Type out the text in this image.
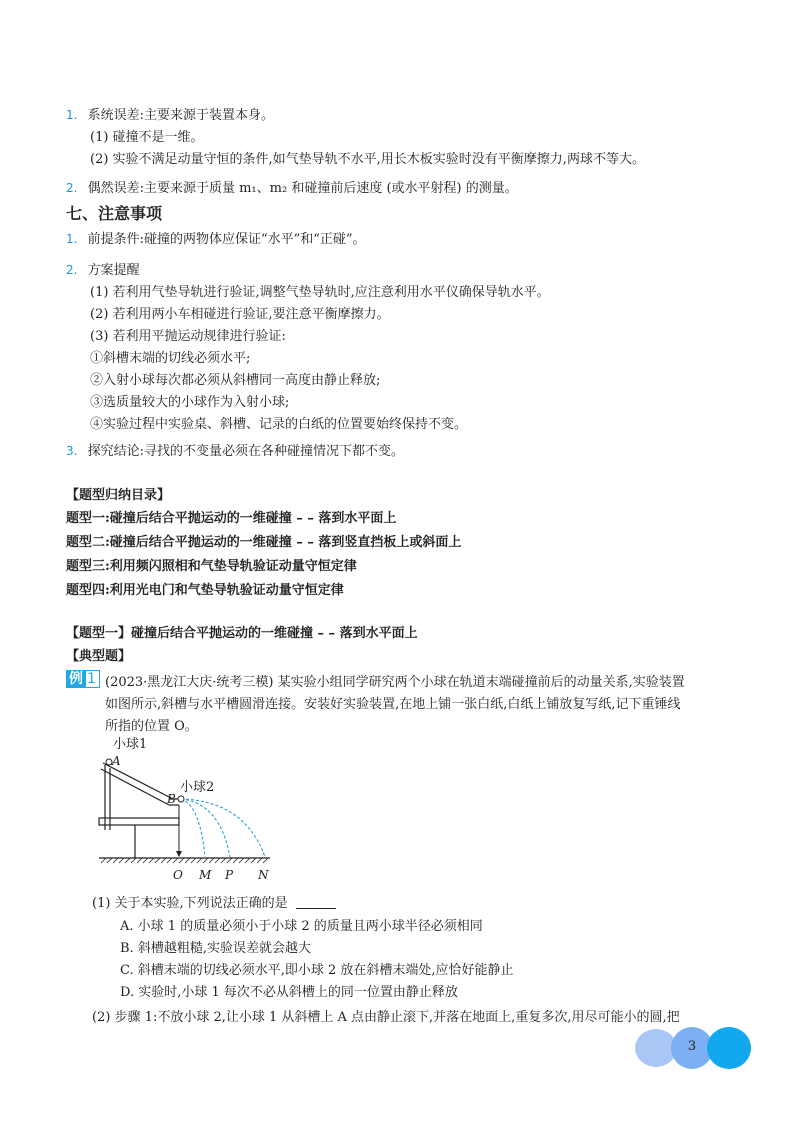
1. 系统误差:主要来源于装置本身。
(1) 碰撞不是一维。
(2) 实验不满足动量守恒的条件,如气垫导轨不水平,用长木板实验时没有平衡摩擦力,两球不等大。
2. 偶然误差:主要来源于质量 m₁、m₂ 和碰撞前后速度 (或水平射程) 的测量。
七、注意事项
1. 前提条件:碰撞的两物体应保证“水平”和“正碰”。
2. 方案提醒
(1) 若利用气垫导轨进行验证,调整气垫导轨时,应注意利用水平仪确保导轨水平。
(2) 若利用两小车相碰进行验证,要注意平衡摩擦力。
(3) 若利用平抛运动规律进行验证:
①斜槽末端的切线必须水平;
②入射小球每次都必须从斜槽同一高度由静止释放;
③选质量较大的小球作为入射小球;
④实验过程中实验桌、斜槽、记录的白纸的位置要始终保持不变。
3. 探究结论:寻找的不变量必须在各种碰撞情况下都不变。
【题型归纳目录】
题型一:碰撞后结合平抛运动的一维碰撞 – – 落到水平面上
题型二:碰撞后结合平抛运动的一维碰撞 – – 落到竖直挡板上或斜面上
题型三:利用频闪照相和气垫导轨验证动量守恒定律
题型四:利用光电门和气垫导轨验证动量守恒定律
【题型一】碰撞后结合平抛运动的一维碰撞 – – 落到水平面上
【典型题】
例 1 (2023·黑龙江大庆·统考三模) 某实验小组同学研究两个小球在轨道末端碰撞前后的动量关系,实验装置
如图所示,斜槽与水平槽圆滑连接。安装好实验装置,在地上铺一张白纸,白纸上铺放复写纸,记下重锤线
所指的位置 O。
小球1
A
小球2
B
O M P N
(1) 关于本实验,下列说法正确的是
A. 小球 1 的质量必须小于小球 2 的质量且两小球半径必须相同
B. 斜槽越粗糙,实验误差就会越大
C. 斜槽末端的切线必须水平,即小球 2 放在斜槽末端处,应恰好能静止
D. 实验时,小球 1 每次不必从斜槽上的同一位置由静止释放
(2) 步骤 1:不放小球 2,让小球 1 从斜槽上 A 点由静止滚下,并落在地面上,重复多次,用尽可能小的圆,把
3
